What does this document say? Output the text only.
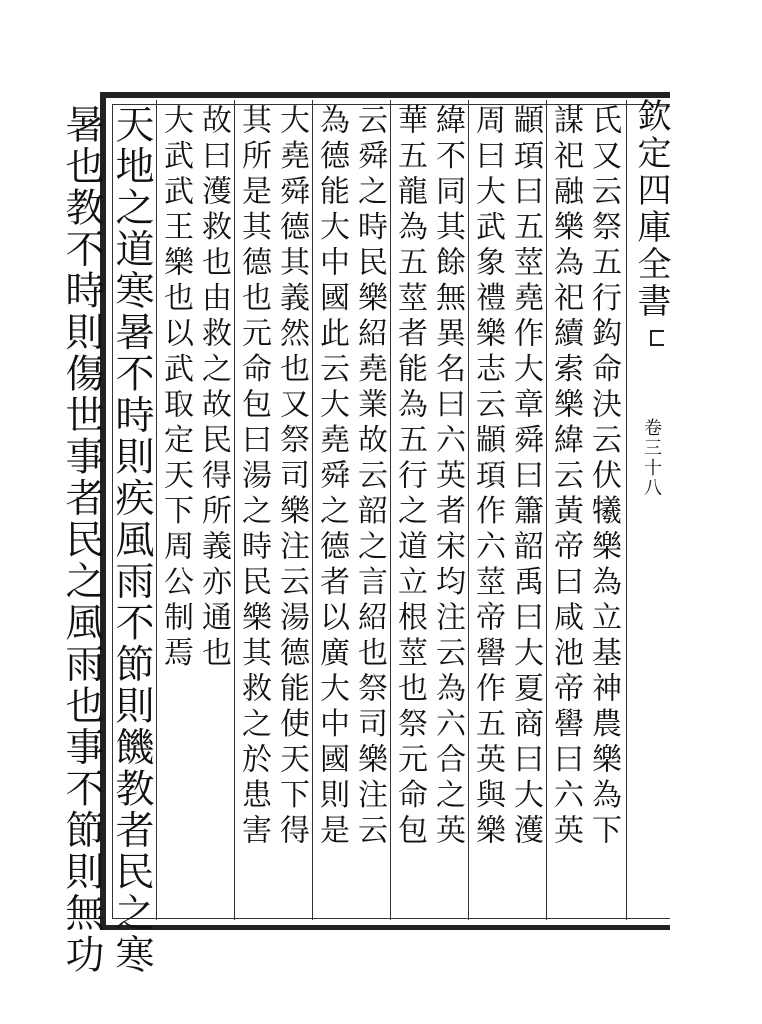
欽定四庫全書
卷三十八
氏又云祭五行鈎命決云伏犧樂為立基神農樂為下
謀祀融樂為祀續索樂緯云黃帝曰咸池帝嚳曰六英
顓頊曰五莖堯作大章舜曰簫韶禹曰大夏商曰大濩
周曰大武象禮樂志云顓頊作六莖帝嚳作五英與樂
緯不同其餘無異名曰六英者宋均注云為六合之英
華五龍為五莖者能為五行之道立根莖也祭元命包
云舜之時民樂紹堯業故云韶之言紹也祭司樂注云
為德能大中國此云大堯舜之德者以廣大中國則是
大堯舜德其義然也又祭司樂注云湯德能使天下得
其所是其德也元命包曰湯之時民樂其救之於患害
故曰濩救也由救之故民得所義亦通也
大武武王樂也以武取定天下周公制焉
天地之道寒暑不時則疾風雨不節則饑教者民之寒
暑也教不時則傷世事者民之風雨也事不節則無功
